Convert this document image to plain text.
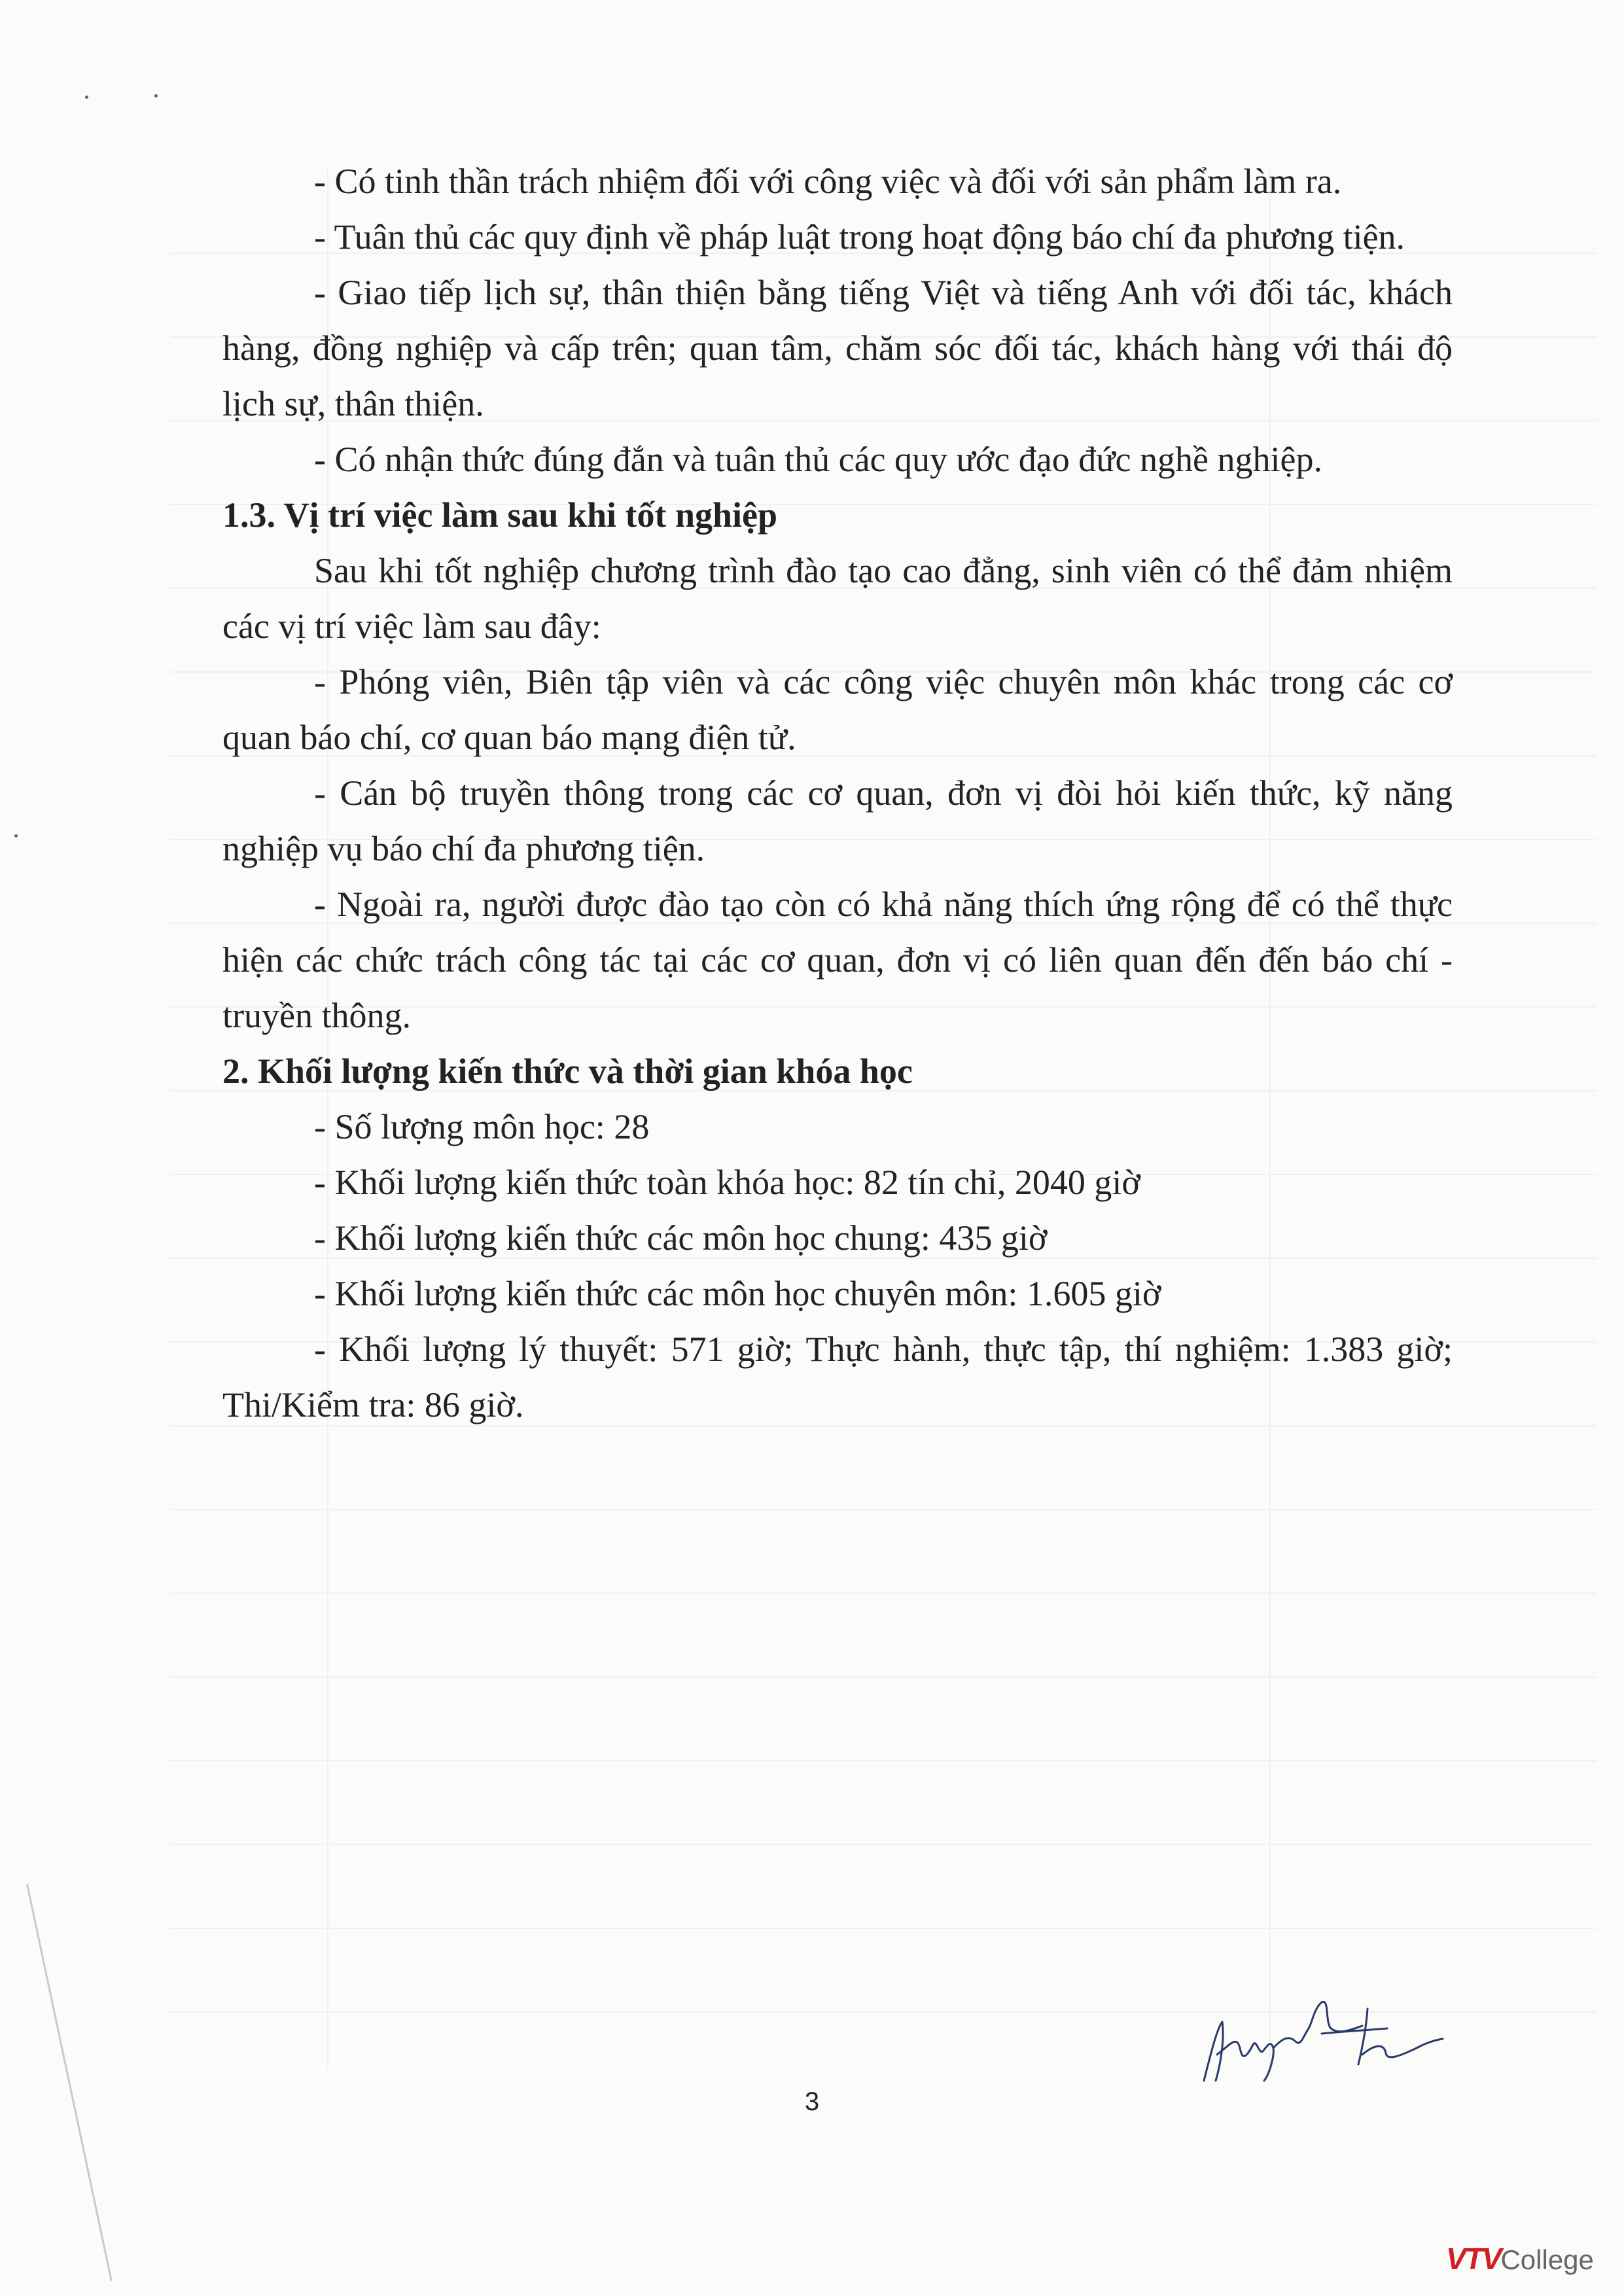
- Có tinh thần trách nhiệm đối với công việc và đối với sản phẩm làm ra.

- Tuân thủ các quy định về pháp luật trong hoạt động báo chí đa phương tiện.

- Giao tiếp lịch sự, thân thiện bằng tiếng Việt và tiếng Anh với đối tác, khách hàng, đồng nghiệp và cấp trên; quan tâm, chăm sóc đối tác, khách hàng với thái độ lịch sự, thân thiện.

- Có nhận thức đúng đắn và tuân thủ các quy ước đạo đức nghề nghiệp.

1.3. Vị trí việc làm sau khi tốt nghiệp

Sau khi tốt nghiệp chương trình đào tạo cao đẳng, sinh viên có thể đảm nhiệm các vị trí việc làm sau đây:

- Phóng viên, Biên tập viên và các công việc chuyên môn khác trong các cơ quan báo chí, cơ quan báo mạng điện tử.

- Cán bộ truyền thông trong các cơ quan, đơn vị đòi hỏi kiến thức, kỹ năng nghiệp vụ báo chí đa phương tiện.

- Ngoài ra, người được đào tạo còn có khả năng thích ứng rộng để có thể thực hiện các chức trách công tác tại các cơ quan, đơn vị có liên quan đến đến báo chí - truyền thông.

2. Khối lượng kiến thức và thời gian khóa học

- Số lượng môn học: 28

- Khối lượng kiến thức toàn khóa học: 82 tín chỉ, 2040 giờ

- Khối lượng kiến thức các môn học chung: 435 giờ

- Khối lượng kiến thức các môn học chuyên môn: 1.605 giờ

- Khối lượng lý thuyết: 571 giờ; Thực hành, thực tập, thí nghiệm: 1.383 giờ; Thi/Kiểm tra: 86 giờ.

3
VTV College
